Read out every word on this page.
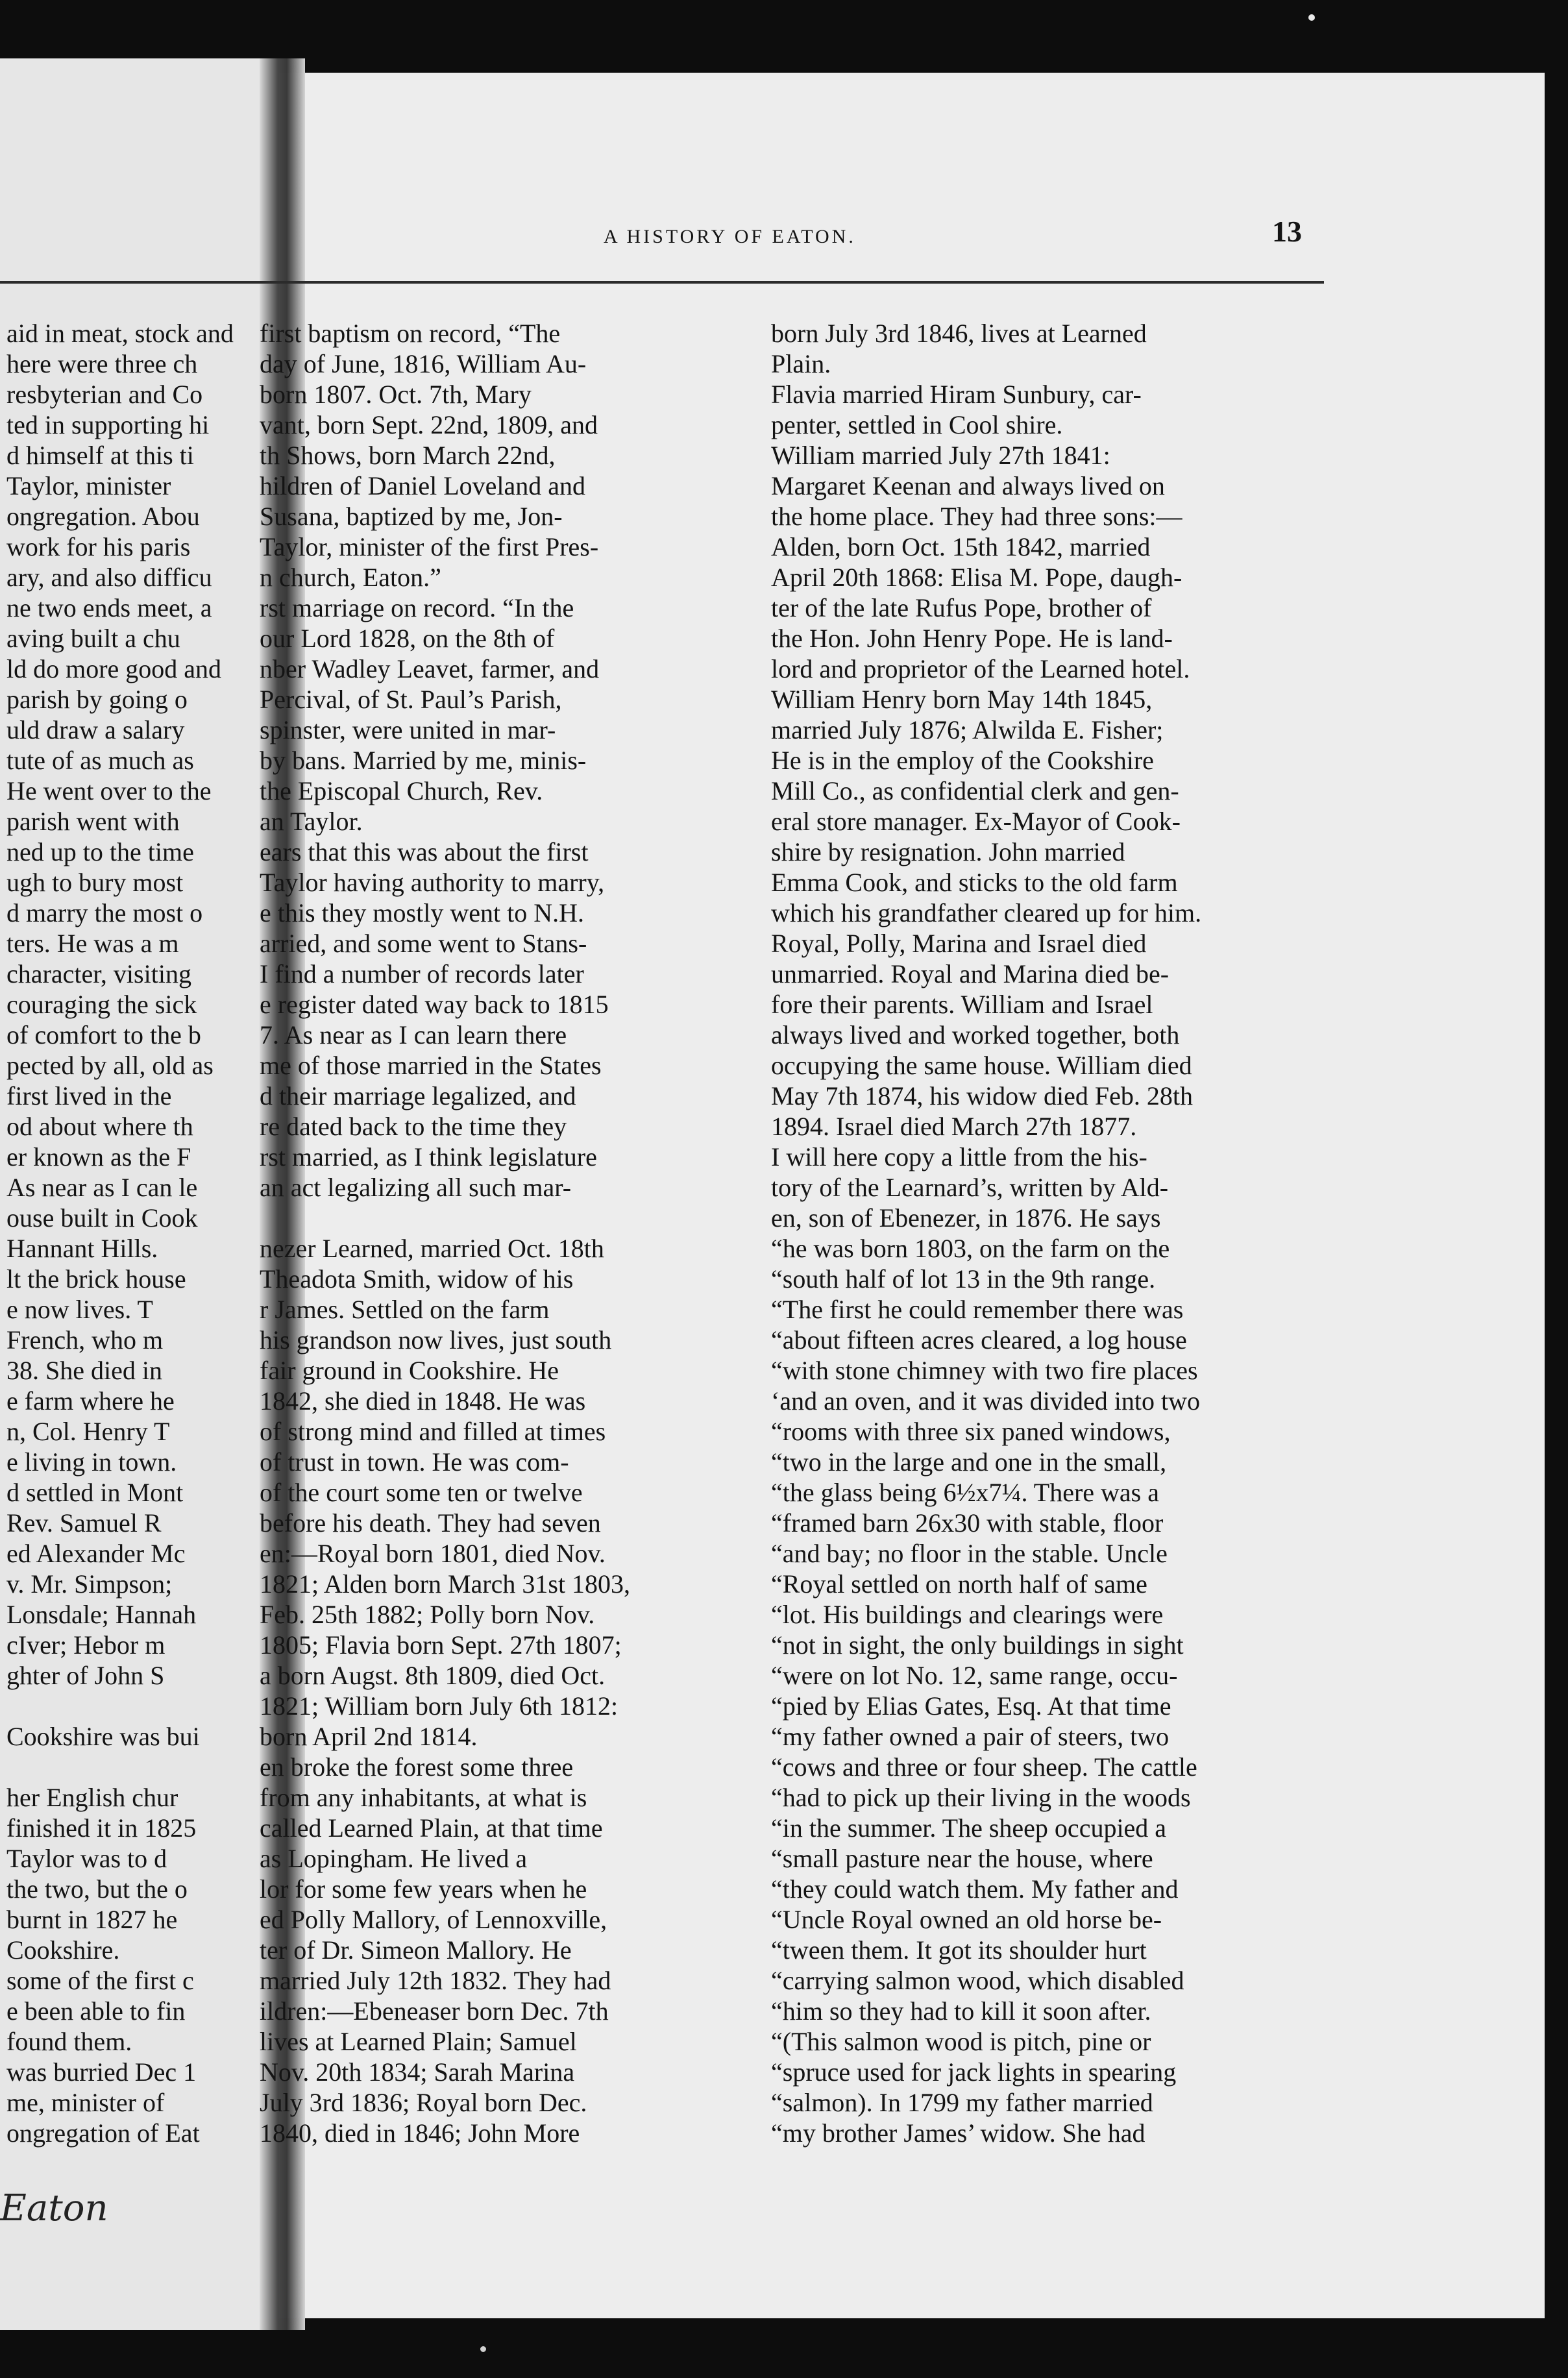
A HISTORY OF EATON.	13
aid in meat, stock and
here were three ch
resbyterian and Co
ted in supporting hi
d himself at this ti
Taylor, minister
ongregation. Abou
work for his paris
ary, and also difficu
ne two ends meet, a
aving built a chu
ld do more good and
parish by going o
uld draw a salary
tute of as much as
He went over to the
parish went with
ned up to the time
ugh to bury most
d marry the most o
ters. He was a m
character, visiting
couraging the sick
of comfort to the b
pected by all, old as
first lived in the
od about where th
er known as the F
As near as I can le
ouse built in Cook
Hannant Hills.
lt the brick house
e now lives. T
French, who m
38. She died in
e farm where he
n, Col. Henry T
e living in town.
d settled in Mont
Rev. Samuel R
ed Alexander Mc
v. Mr. Simpson;
Lonsdale; Hannah
cIver; Hebor m
ghter of John S

Cookshire was bui

her English chur
finished it in 1825
Taylor was to d
the two, but the o
burnt in 1827 he
Cookshire.
some of the first c
e been able to fin
found them.
was burried Dec 1
me, minister of
ongregation of Eat
first baptism on record, “The
day of June, 1816, William Au-
born 1807. Oct. 7th, Mary
vant, born Sept. 22nd, 1809, and
th Shows, born March 22nd,
hildren of Daniel Loveland and
Susana, baptized by me, Jon-
Taylor, minister of the first Pres-
n church, Eaton.”
rst marriage on record. “In the
our Lord 1828, on the 8th of
nber Wadley Leavet, farmer, and
Percival, of St. Paul’s Parish,
spinster, were united in mar-
by bans. Married by me, minis-
the Episcopal Church, Rev.
an Taylor.
ears that this was about the first
Taylor having authority to marry,
e this they mostly went to N.H.
arried, and some went to Stans-
I find a number of records later
e register dated way back to 1815
7. As near as I can learn there
me of those married in the States
d their marriage legalized, and
re dated back to the time they
rst married, as I think legislature
an act legalizing all such mar-

nezer Learned, married Oct. 18th
Theadota Smith, widow of his
r James. Settled on the farm
his grandson now lives, just south
fair ground in Cookshire. He
1842, she died in 1848. He was
of strong mind and filled at times
of trust in town. He was com-
of the court some ten or twelve
before his death. They had seven
en:—Royal born 1801, died Nov.
1821; Alden born March 31st 1803,
Feb. 25th 1882; Polly born Nov.
1805; Flavia born Sept. 27th 1807;
a born Augst. 8th 1809, died Oct.
1821; William born July 6th 1812:
born April 2nd 1814.
en broke the forest some three
from any inhabitants, at what is
called Learned Plain, at that time
as Lopingham. He lived a
lor for some few years when he
ed Polly Mallory, of Lennoxville,
ter of Dr. Simeon Mallory. He
married July 12th 1832. They had
ildren:—Ebeneaser born Dec. 7th
lives at Learned Plain; Samuel
Nov. 20th 1834; Sarah Marina
July 3rd 1836; Royal born Dec.
1840, died in 1846; John More
born July 3rd 1846, lives at Learned
Plain.
Flavia married Hiram Sunbury, car-
penter, settled in Cool shire.
William married July 27th 1841:
Margaret Keenan and always lived on
the home place. They had three sons:—
Alden, born Oct. 15th 1842, married
April 20th 1868: Elisa M. Pope, daugh-
ter of the late Rufus Pope, brother of
the Hon. John Henry Pope. He is land-
lord and proprietor of the Learned hotel.
William Henry born May 14th 1845,
married July 1876; Alwilda E. Fisher;
He is in the employ of the Cookshire
Mill Co., as confidential clerk and gen-
eral store manager. Ex-Mayor of Cook-
shire by resignation. John married
Emma Cook, and sticks to the old farm
which his grandfather cleared up for him.
Royal, Polly, Marina and Israel died
unmarried. Royal and Marina died be-
fore their parents. William and Israel
always lived and worked together, both
occupying the same house. William died
May 7th 1874, his widow died Feb. 28th
1894. Israel died March 27th 1877.
I will here copy a little from the his-
tory of the Learnard’s, written by Ald-
en, son of Ebenezer, in 1876. He says
“he was born 1803, on the farm on the
“south half of lot 13 in the 9th range.
“The first he could remember there was
“about fifteen acres cleared, a log house
“with stone chimney with two fire places
‘and an oven, and it was divided into two
“rooms with three six paned windows,
“two in the large and one in the small,
“the glass being 6½x7¼. There was a
“framed barn 26x30 with stable, floor
“and bay; no floor in the stable. Uncle
“Royal settled on north half of same
“lot. His buildings and clearings were
“not in sight, the only buildings in sight
“were on lot No. 12, same range, occu-
“pied by Elias Gates, Esq. At that time
“my father owned a pair of steers, two
“cows and three or four sheep. The cattle
“had to pick up their living in the woods
“in the summer. The sheep occupied a
“small pasture near the house, where
“they could watch them. My father and
“Uncle Royal owned an old horse be-
“tween them. It got its shoulder hurt
“carrying salmon wood, which disabled
“him so they had to kill it soon after.
“(This salmon wood is pitch, pine or
“spruce used for jack lights in spearing
“salmon). In 1799 my father married
“my brother James’ widow. She had
Eaton
